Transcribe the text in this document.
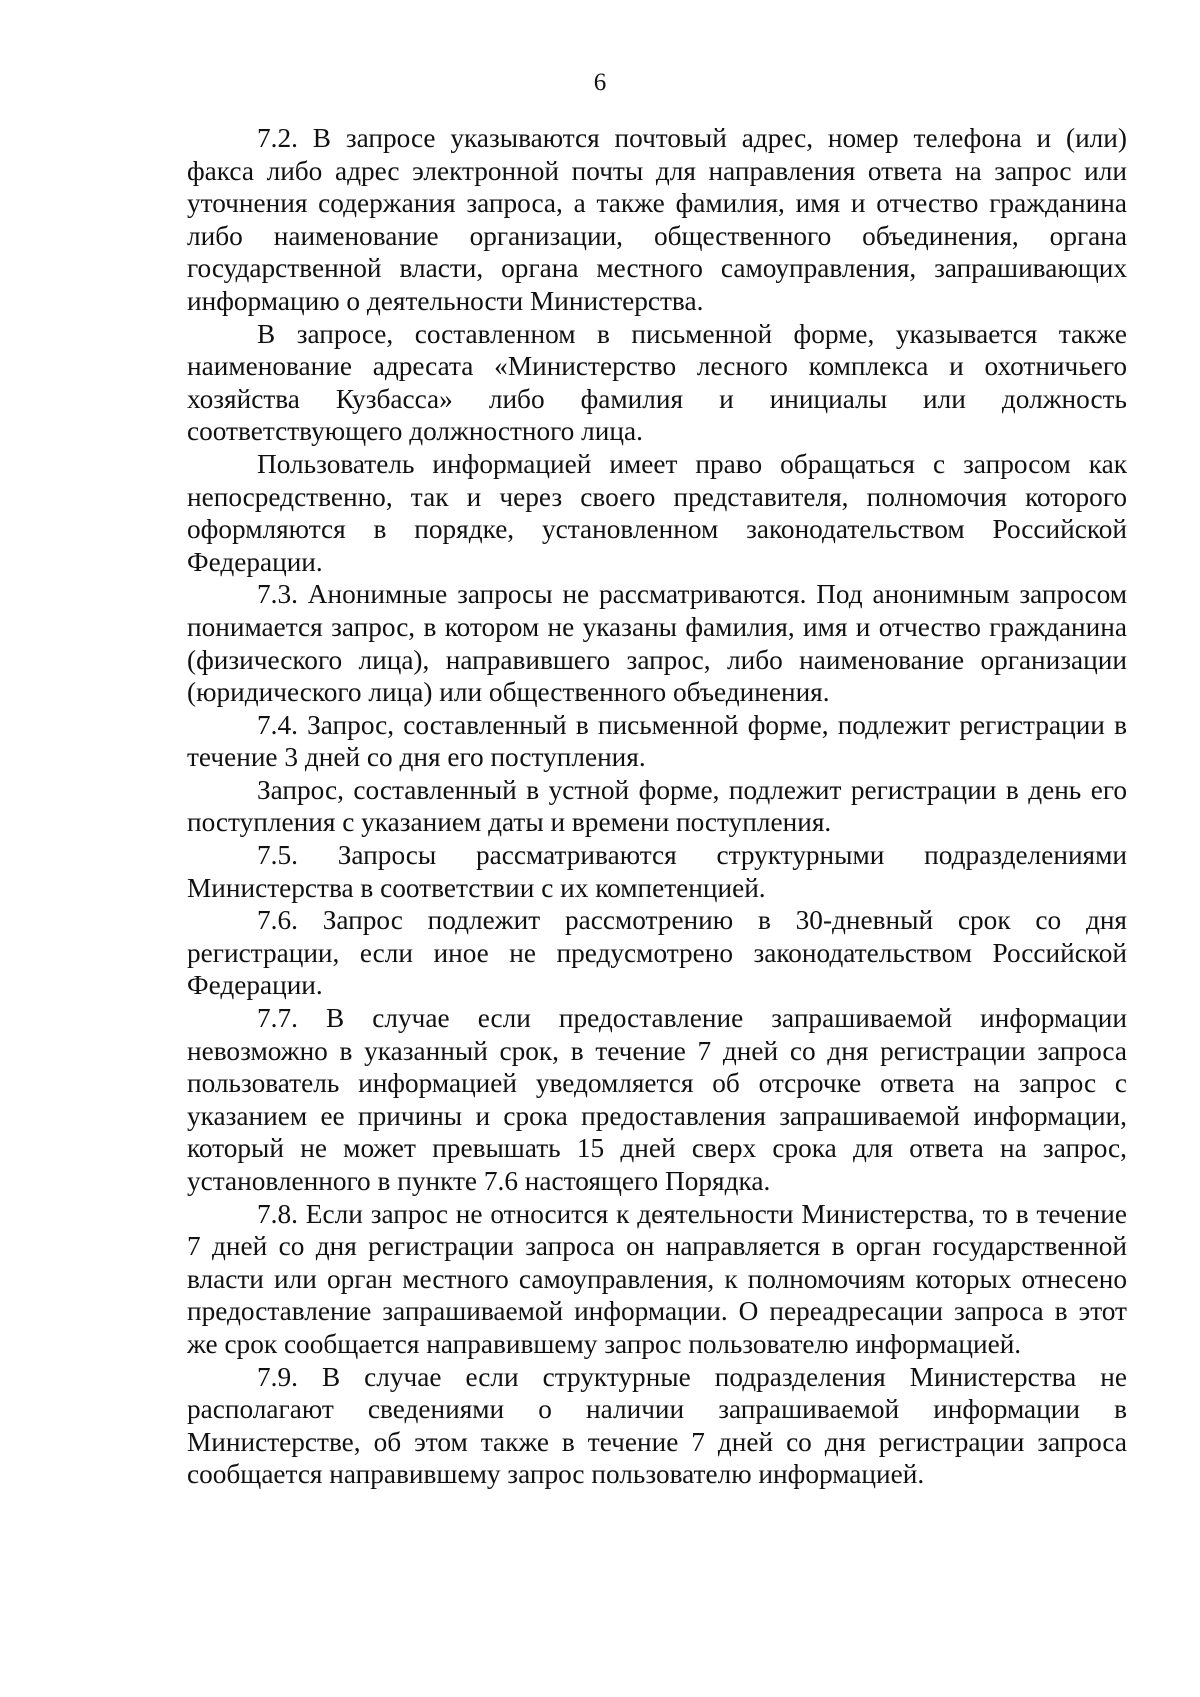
6

7.2. В запросе указываются почтовый адрес, номер телефона и (или) факса либо адрес электронной почты для направления ответа на запрос или уточнения содержания запроса, а также фамилия, имя и отчество гражданина либо наименование организации, общественного объединения, органа государственной власти, органа местного самоуправления, запрашивающих информацию о деятельности Министерства.

В запросе, составленном в письменной форме, указывается также наименование адресата «Министерство лесного комплекса и охотничьего хозяйства Кузбасса» либо фамилия и инициалы или должность соответствующего должностного лица.

Пользователь информацией имеет право обращаться с запросом как непосредственно, так и через своего представителя, полномочия которого оформляются в порядке, установленном законодательством Российской Федерации.

7.3. Анонимные запросы не рассматриваются. Под анонимным запросом понимается запрос, в котором не указаны фамилия, имя и отчество гражданина (физического лица), направившего запрос, либо наименование организации (юридического лица) или общественного объединения.

7.4. Запрос, составленный в письменной форме, подлежит регистрации в течение 3 дней со дня его поступления.

Запрос, составленный в устной форме, подлежит регистрации в день его поступления с указанием даты и времени поступления.

7.5. Запросы рассматриваются структурными подразделениями Министерства в соответствии с их компетенцией.

7.6. Запрос подлежит рассмотрению в 30-дневный срок со дня регистрации, если иное не предусмотрено законодательством Российской Федерации.

7.7. В случае если предоставление запрашиваемой информации невозможно в указанный срок, в течение 7 дней со дня регистрации запроса пользователь информацией уведомляется об отсрочке ответа на запрос с указанием ее причины и срока предоставления запрашиваемой информации, который не может превышать 15 дней сверх срока для ответа на запрос, установленного в пункте 7.6 настоящего Порядка.

7.8. Если запрос не относится к деятельности Министерства, то в течение 7 дней со дня регистрации запроса он направляется в орган государственной власти или орган местного самоуправления, к полномочиям которых отнесено предоставление запрашиваемой информации. О переадресации запроса в этот же срок сообщается направившему запрос пользователю информацией.

7.9. В случае если структурные подразделения Министерства не располагают сведениями о наличии запрашиваемой информации в Министерстве, об этом также в течение 7 дней со дня регистрации запроса сообщается направившему запрос пользователю информацией.
